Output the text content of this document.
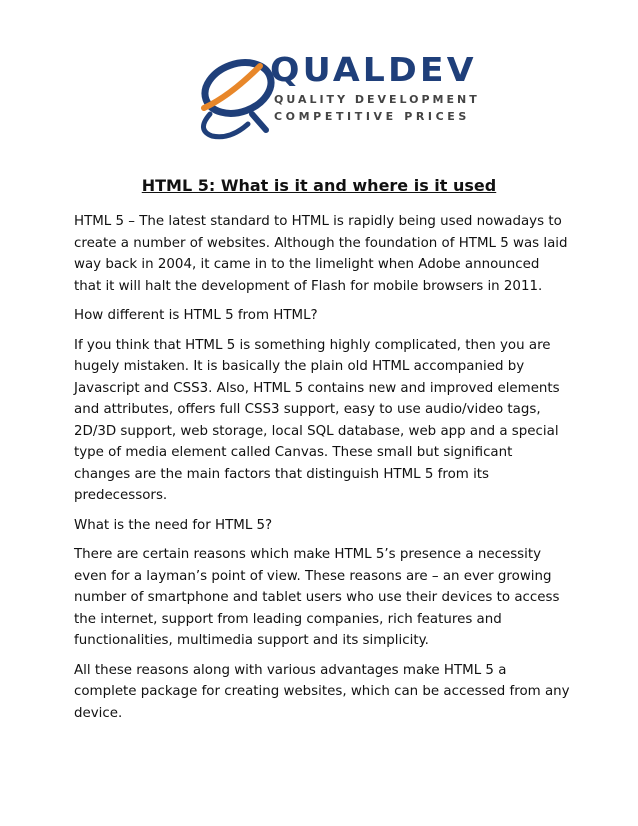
QUALDEV
QUALITY DEVELOPMENT
COMPETITIVE PRICES
HTML 5: What is it and where is it used

HTML 5 – The latest standard to HTML is rapidly being used nowadays to create a number of websites. Although the foundation of HTML 5 was laid way back in 2004, it came in to the limelight when Adobe announced that it will halt the development of Flash for mobile browsers in 2011.

How different is HTML 5 from HTML?

If you think that HTML 5 is something highly complicated, then you are hugely mistaken. It is basically the plain old HTML accompanied by Javascript and CSS3. Also, HTML 5 contains new and improved elements and attributes, offers full CSS3 support, easy to use audio/video tags, 2D/3D support, web storage, local SQL database, web app and a special type of media element called Canvas. These small but significant changes are the main factors that distinguish HTML 5 from its predecessors.

What is the need for HTML 5?

There are certain reasons which make HTML 5’s presence a necessity even for a layman’s point of view. These reasons are – an ever growing number of smartphone and tablet users who use their devices to access the internet, support from leading companies, rich features and functionalities, multimedia support and its simplicity.

All these reasons along with various advantages make HTML 5 a complete package for creating websites, which can be accessed from any device.
